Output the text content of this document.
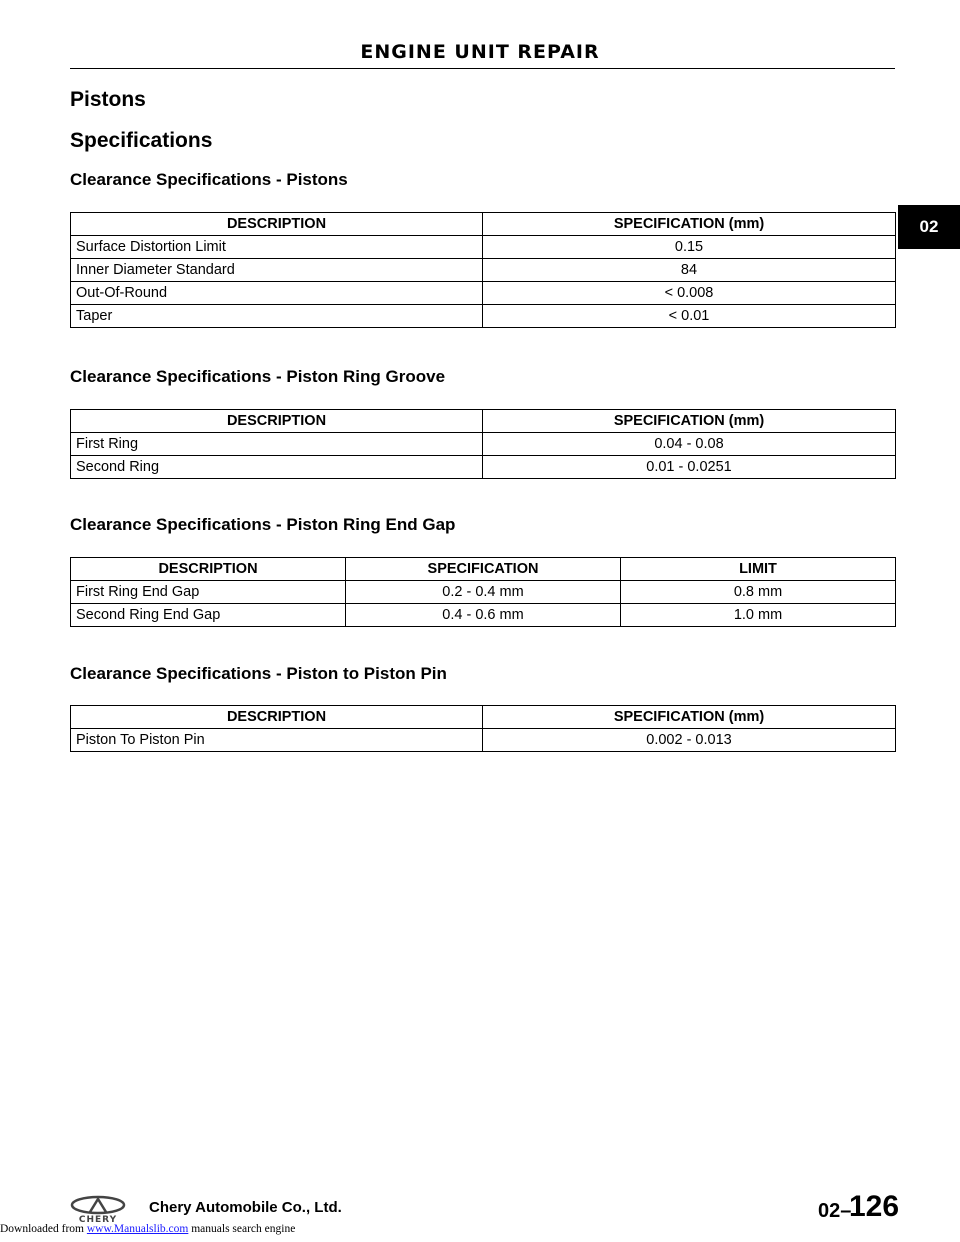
ENGINE UNIT REPAIR
02
Pistons
Specifications
Clearance Specifications - Pistons
DESCRIPTION	SPECIFICATION (mm)
Surface Distortion Limit	0.15
Inner Diameter Standard	84
Out-Of-Round	< 0.008
Taper	< 0.01
Clearance Specifications - Piston Ring Groove
DESCRIPTION	SPECIFICATION (mm)
First Ring	0.04 - 0.08
Second Ring	0.01 - 0.0251
Clearance Specifications - Piston Ring End Gap
DESCRIPTION	SPECIFICATION	LIMIT
First Ring End Gap	0.2 - 0.4 mm	0.8 mm
Second Ring End Gap	0.4 - 0.6 mm	1.0 mm
Clearance Specifications - Piston to Piston Pin
DESCRIPTION	SPECIFICATION (mm)
Piston To Piston Pin	0.002 - 0.013
CHERY
Chery Automobile Co., Ltd.	02–
126
Downloaded from www.Manualslib.com manuals search engine
